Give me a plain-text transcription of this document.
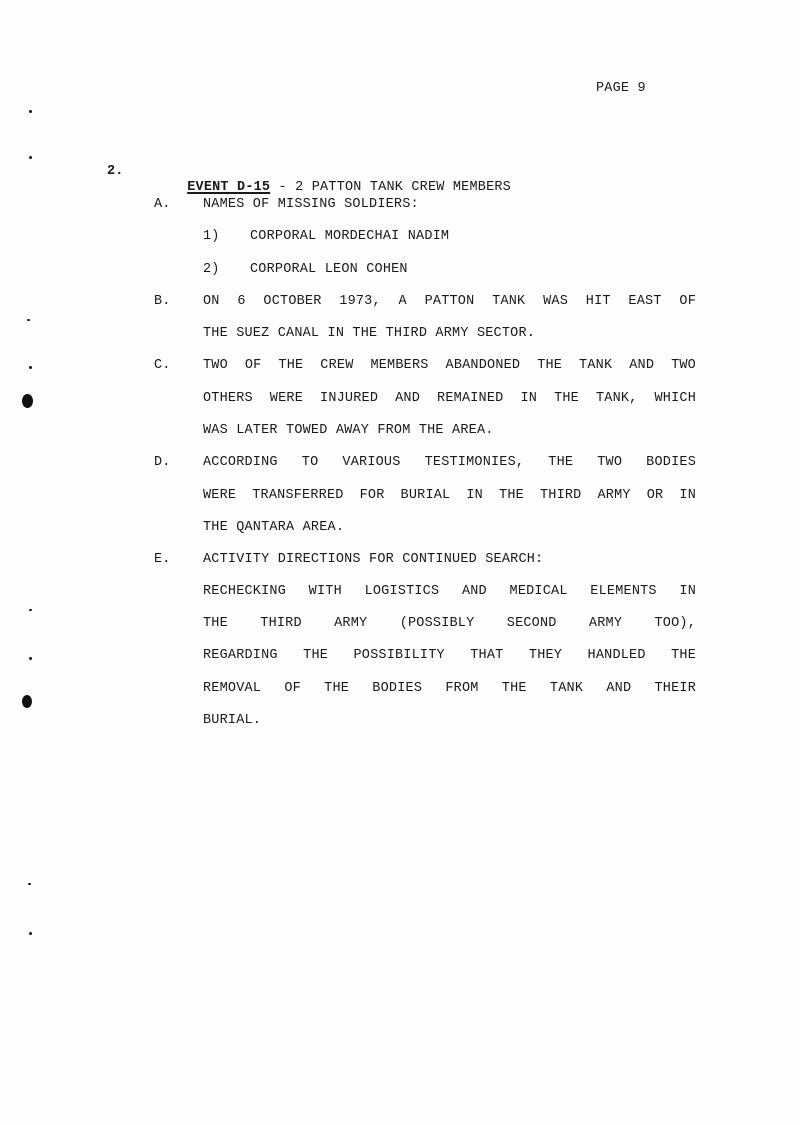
PAGE 9
2.

EVENT D-15 - 2 PATTON TANK CREW MEMBERS

A. NAMES OF MISSING SOLDIERS:
1) CORPORAL MORDECHAI NADIM
2) CORPORAL LEON COHEN
B. ON 6 OCTOBER 1973, A PATTON TANK WAS HIT EAST OF
THE SUEZ CANAL IN THE THIRD ARMY SECTOR.
C. TWO OF THE CREW MEMBERS ABANDONED THE TANK AND TWO
OTHERS WERE INJURED AND REMAINED IN THE TANK, WHICH
WAS LATER TOWED AWAY FROM THE AREA.
D. ACCORDING TO VARIOUS TESTIMONIES, THE TWO BODIES
WERE TRANSFERRED FOR BURIAL IN THE THIRD ARMY OR IN
THE QANTARA AREA.
E. ACTIVITY DIRECTIONS FOR CONTINUED SEARCH:
RECHECKING WITH LOGISTICS AND MEDICAL ELEMENTS IN
THE THIRD ARMY (POSSIBLY SECOND ARMY TOO),
REGARDING THE POSSIBILITY THAT THEY HANDLED THE
REMOVAL OF THE BODIES FROM THE TANK AND THEIR
BURIAL.
